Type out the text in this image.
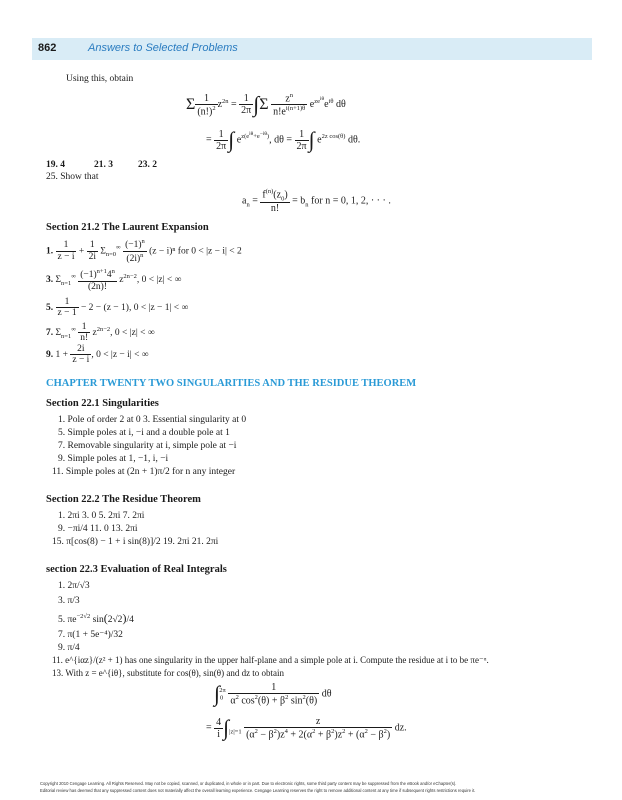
862	Answers to Selected Problems
Using this, obtain
Σ $\frac{1}{(n!)^2} z^{2n} = \frac{1}{2\pi} \int\Sigma \frac{z^n}{n!e^{i(n+1)\theta}} e^{ze^{i\theta}}e^{i\theta}$ dθ
= $\frac{1}{2\pi}$ ∫ $e^{z(e^{i\theta}+e^{-i\theta})}$, $d\theta = \frac{1}{2\pi}$ ∫ $e^{2z cos(\theta)}$ dθ.
19. 4	21. 3	23. 2
25. Show that
$a_n = \frac{f^{(n)}(z_0)}{n!} = b_n$ for n = 0, 1, 2, · · · .
Section 21.2 The Laurent Expansion
1. $\frac{1}{z - i} + \frac{1}{2i} \Sigma_{n=0}^\infty \frac{(-1)^n}{(2i)^n} (z - i)^n$ for 0 < |z − i| < 2
3. $\Sigma_{n=1}^\infty \frac{(-1)^{n+1}4^n}{(2n)!} z^{2n-2}$, 0 < |z| < ∞
5. $\frac{1}{z - 1} - 2 - (z - 1)$, 0 < |z − 1| < ∞
7. $\Sigma_{n=1}^\infty \frac{1}{n!} z^{2n-2}$, 0 < |z| < ∞
9. $1 + \frac{2i}{z - i}$ , 0 < |z − i| < ∞
CHAPTER TWENTY TWO SINGULARITIES AND THE RESIDUE THEOREM
Section 22.1 Singularities
1. Pole of order 2 at 0 3. Essential singularity at 0
5. Simple poles at i, −i and a double pole at 1
7. Removable singularity at i, simple pole at −i
9. Simple poles at 1, −1, i, −i
11. Simple poles at (2n + 1)π/2 for n any integer
Section 22.2 The Residue Theorem
1. 2πi 3. 0 5. 2πi 7. 2πi
9. −πi/4 11. 0 13. 2πi
15. π[cos(8) − 1 + i sin(8)]/2 19. 2πi 21. 2πi
section 22.3 Evaluation of Real Integrals
1. 2π/√3
3. π/3
5. $\pi e^{-2√2}$ sin(2√2)/4
7. π(1 + 5e⁻⁴)/32
9. π/4
11. e^{iαz}/(z² + 1) has one singularity in the upper half-plane and a simple pole at i. Compute the residue at i to be πe⁻ᵅ.
13. With z = e^{iθ}, substitute for cos(θ), sin(θ) and dz to obtain
$\int_0^{2\pi} \frac{1}{\alpha^2 \cos^2(\theta) + \beta^2 \sin^2(\theta)}$ dθ
= $\frac{4}{i} \int_{|z|=1} \frac{z}{(\alpha^2 - \beta^2)z^4 + 2(\alpha^2 + \beta^2)z^2 + (\alpha^2 - \beta^2)}$ dz.
Copyright 2010 Cengage Learning. All Rights Reserved. May not be copied, scanned, or duplicated, in whole or in part. Due to electronic rights, some third party content may be suppressed from the eBook and/or eChapter(s).
Editorial review has deemed that any suppressed content does not materially affect the overall learning experience. Cengage Learning reserves the right to remove additional content at any time if subsequent rights restrictions require it.
